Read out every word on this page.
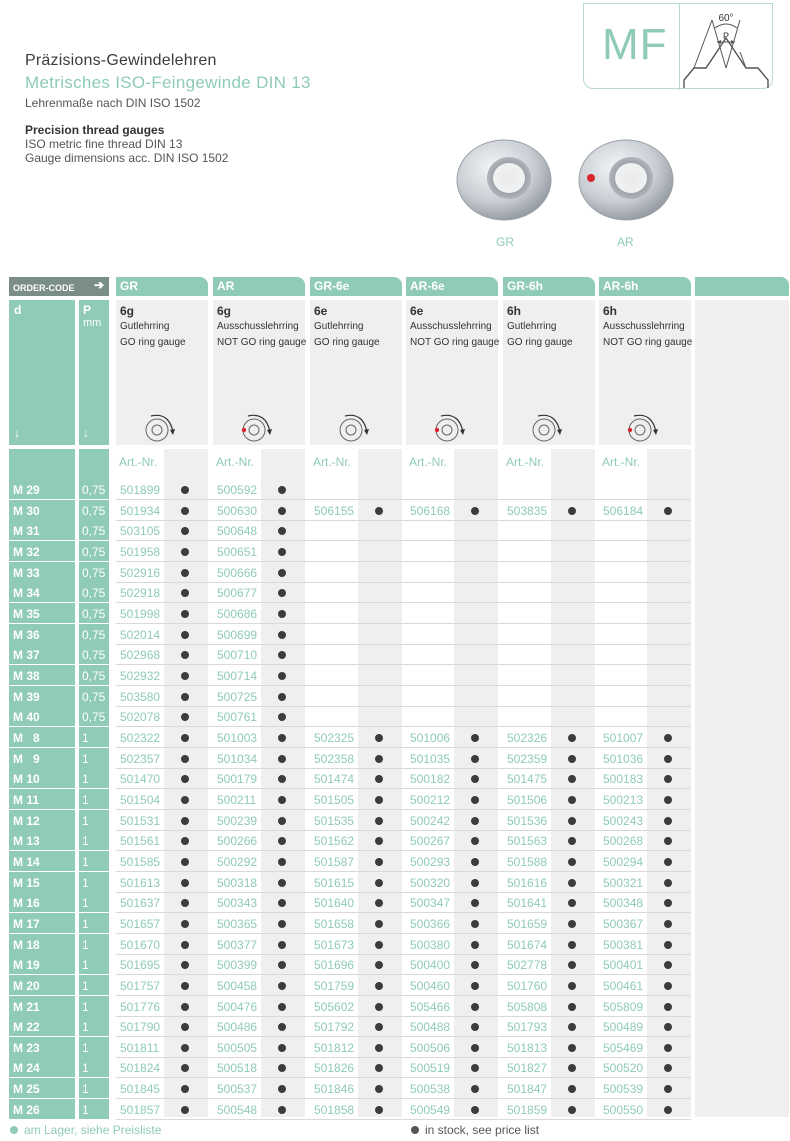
Präzisions-Gewindelehren
Metrisches ISO-Feingewinde DIN 13
Lehrenmaße nach DIN ISO 1502
Precision thread gauges
ISO metric fine thread DIN 13
Gauge dimensions acc. DIN ISO 1502
MF
60°
P
GR	AR
ORDER-CODE ➔
d
↓
P
mm
↓
GR
6g
Gutlehrring
GO ring gauge
Art.-Nr.
AR
6g
Ausschusslehrring
NOT GO ring gauge
Art.-Nr.
GR-6e
6e
Gutlehrring
GO ring gauge
Art.-Nr.
AR-6e
6e
Ausschusslehrring
NOT GO ring gauge
Art.-Nr.
GR-6h
6h
Gutlehrring
GO ring gauge
Art.-Nr.
AR-6h
6h
Ausschusslehrring
NOT GO ring gauge
Art.-Nr.
M 29	0,75	501899	500592
M 30	0,75	501934	500630	506155	506168	503835	506184
M 31	0,75	503105	500648
M 32	0,75	501958	500651
M 33	0,75	502916	500666
M 34	0,75	502918	500677
M 35	0,75	501998	500686
M 36	0,75	502014	500699
M 37	0,75	502968	500710
M 38	0,75	502932	500714
M 39	0,75	503580	500725
M 40	0,75	502078	500761
M   8	1	502322	501003	502325	501006	502326	501007
M   9	1	502357	501034	502358	501035	502359	501036
M 10	1	501470	500179	501474	500182	501475	500183
M 11	1	501504	500211	501505	500212	501506	500213
M 12	1	501531	500239	501535	500242	501536	500243
M 13	1	501561	500266	501562	500267	501563	500268
M 14	1	501585	500292	501587	500293	501588	500294
M 15	1	501613	500318	501615	500320	501616	500321
M 16	1	501637	500343	501640	500347	501641	500348
M 17	1	501657	500365	501658	500366	501659	500367
M 18	1	501670	500377	501673	500380	501674	500381
M 19	1	501695	500399	501696	500400	502778	500401
M 20	1	501757	500458	501759	500460	501760	500461
M 21	1	501776	500476	505602	505466	505808	505809
M 22	1	501790	500486	501792	500488	501793	500489
M 23	1	501811	500505	501812	500506	501813	505469
M 24	1	501824	500518	501826	500519	501827	500520
M 25	1	501845	500537	501846	500538	501847	500539
M 26	1	501857	500548	501858	500549	501859	500550
am Lager, siehe Preisliste	in stock, see price list
